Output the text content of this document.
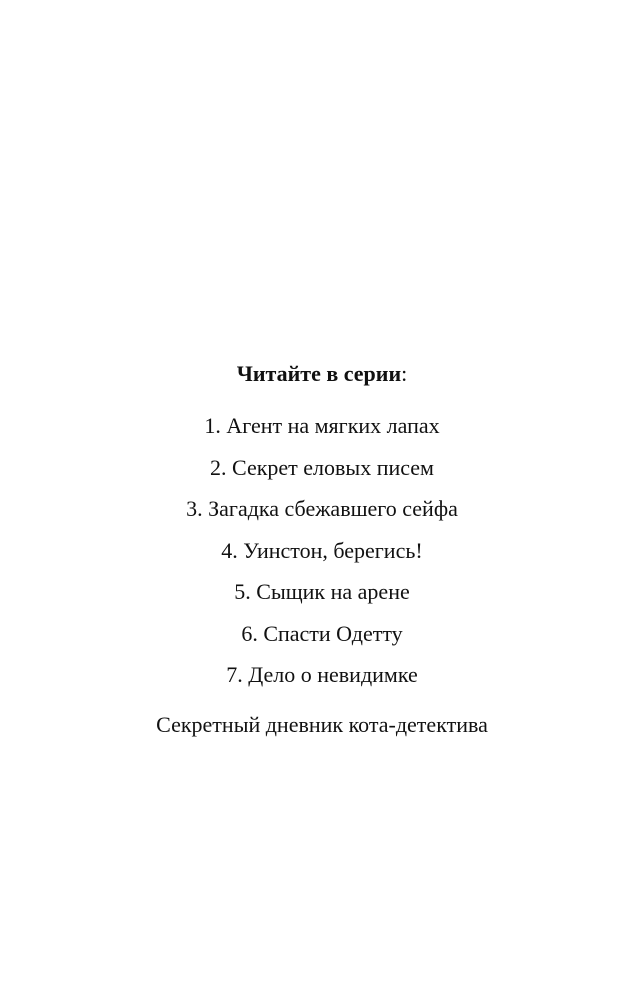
Читайте в серии:

1. Агент на мягких лапах
2. Секрет еловых писем
3. Загадка сбежавшего сейфа
4. Уинстон, берегись!
5. Сыщик на арене
6. Спасти Одетту
7. Дело о невидимке

Секретный дневник кота-детектива
